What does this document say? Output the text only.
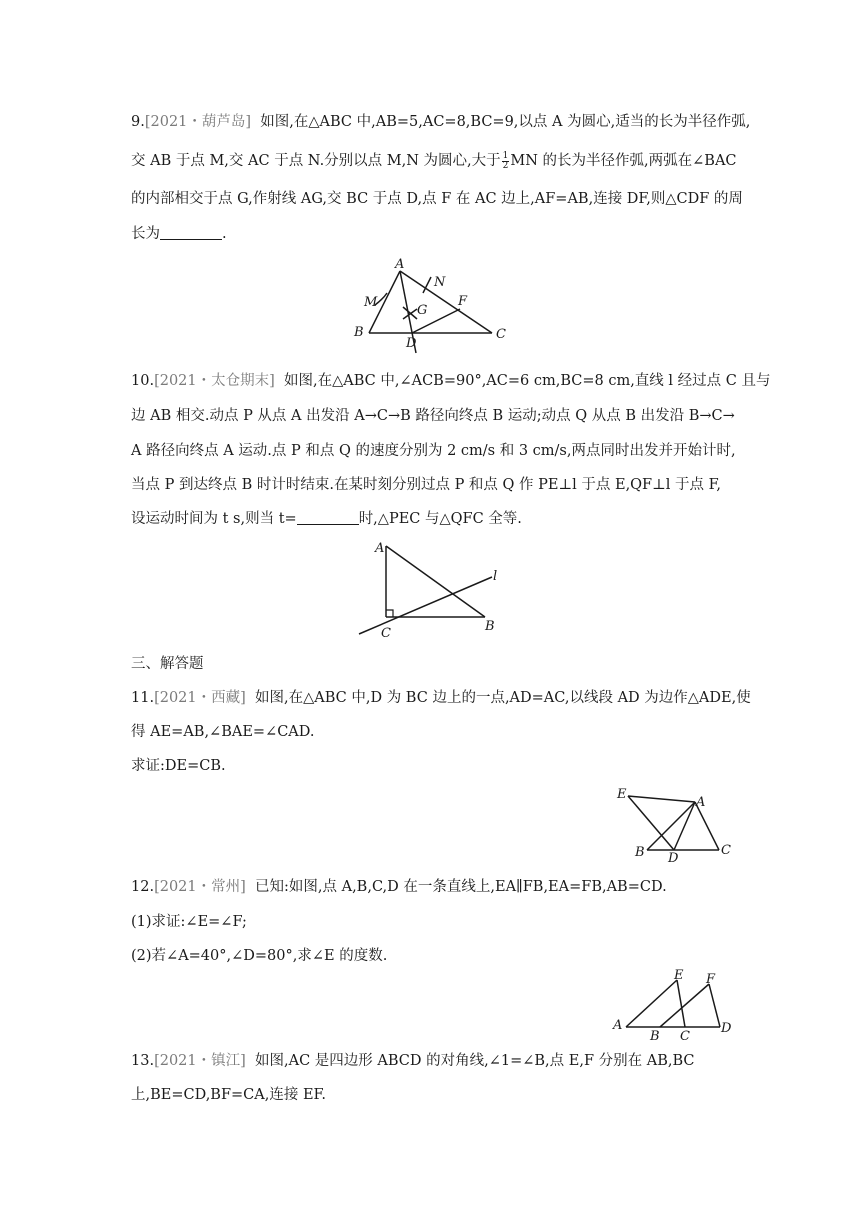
9.[2021・葫芦岛] 如图,在△ABC 中,AB=5,AC=8,BC=9,以点 A 为圆心,适当的长为半径作弧,
交 AB 于点 M,交 AC 于点 N.分别以点 M,N 为圆心,大于 $\frac{1}{2}$ MN 的长为半径作弧,两弧在∠BAC
的内部相交于点 G,作射线 AG,交 BC 于点 D,点 F 在 AC 边上,AF=AB,连接 DF,则△CDF 的周
长为	.
A
N
M
G
F
B	C
D
10.[2021・太仓期末] 如图,在△ABC 中,∠ACB=90°,AC=6 cm,BC=8 cm,直线 l 经过点 C 且与
边 AB 相交.动点 P 从点 A 出发沿 A→C→B 路径向终点 B 运动;动点 Q 从点 B 出发沿 B→C→
A 路径向终点 A 运动.点 P 和点 Q 的速度分别为 2 cm/s 和 3 cm/s,两点同时出发并开始计时,
当点 P 到达终点 B 时计时结束.在某时刻分别过点 P 和点 Q 作 PE⊥l 于点 E,QF⊥l 于点 F,
设运动时间为 t s,则当 t=	时,△PEC 与△QFC 全等.
A
l
C	B
三、解答题
11.[2021・西藏] 如图,在△ABC 中,D 为 BC 边上的一点,AD=AC,以线段 AD 为边作△ADE,使
得 AE=AB,∠BAE=∠CAD.
求证:DE=CB.
E
A
B D
C
12.[2021・常州] 已知:如图,点 A,B,C,D 在一条直线上,EA∥FB,EA=FB,AB=CD.
(1)求证:∠E=∠F;
(2)若∠A=40°,∠D=80°,求∠E 的度数.
E F
A
B C
D
13.[2021・镇江] 如图,AC 是四边形 ABCD 的对角线,∠1=∠B,点 E,F 分别在 AB,BC
上,BE=CD,BF=CA,连接 EF.
